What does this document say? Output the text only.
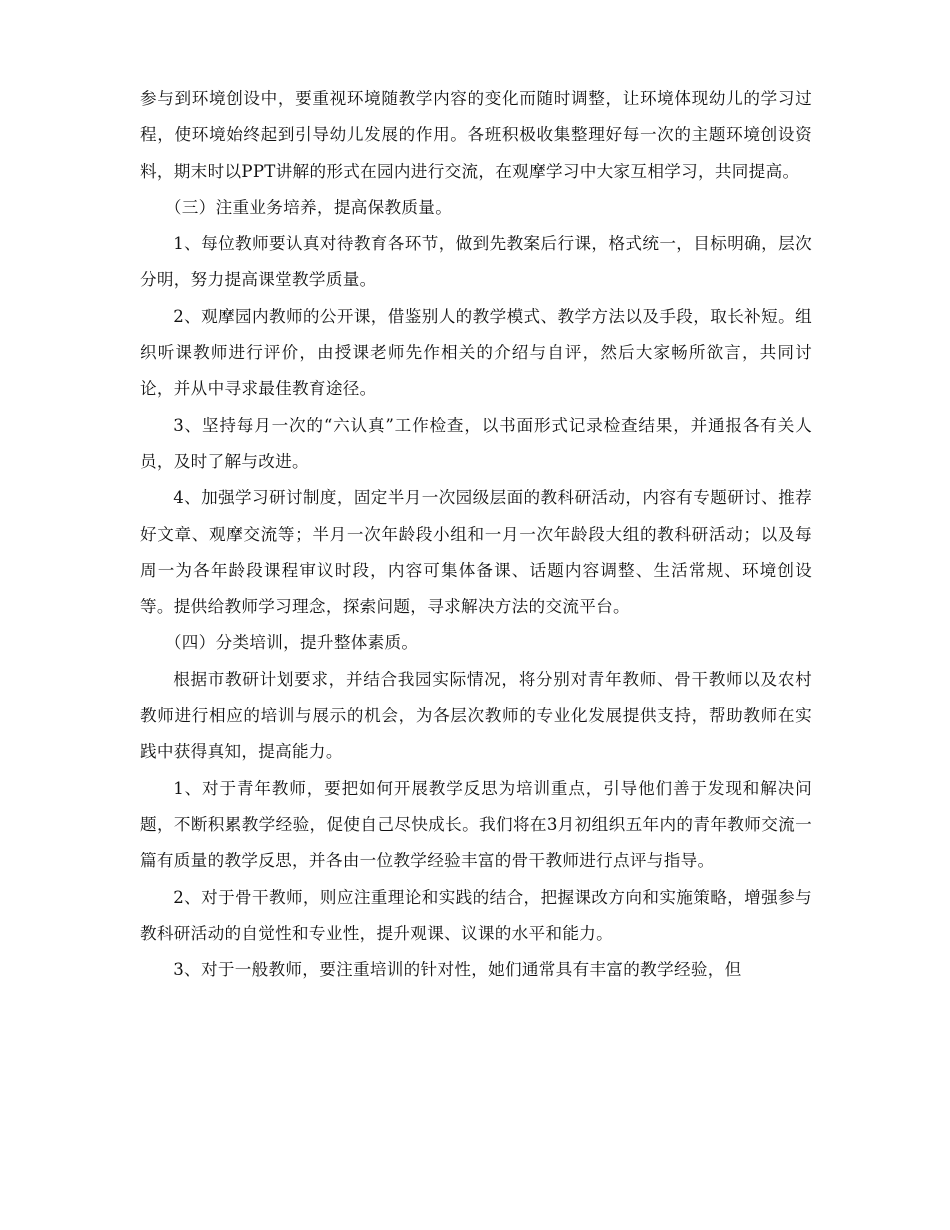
参与到环境创设中，要重视环境随教学内容的变化而随时调整，让环境体现幼儿的学习过程，使环境始终起到引导幼儿发展的作用。各班积极收集整理好每一次的主题环境创设资料，期末时以PPT讲解的形式在园内进行交流，在观摩学习中大家互相学习，共同提高。

（三）注重业务培养，提高保教质量。

1、每位教师要认真对待教育各环节，做到先教案后行课，格式统一，目标明确，层次分明，努力提高课堂教学质量。

2、观摩园内教师的公开课，借鉴别人的教学模式、教学方法以及手段，取长补短。组织听课教师进行评价，由授课老师先作相关的介绍与自评，然后大家畅所欲言，共同讨论，并从中寻求最佳教育途径。

3、坚持每月一次的“六认真”工作检查，以书面形式记录检查结果，并通报各有关人员，及时了解与改进。

4、加强学习研讨制度，固定半月一次园级层面的教科研活动，内容有专题研讨、推荐好文章、观摩交流等；半月一次年龄段小组和一月一次年龄段大组的教科研活动；以及每周一为各年龄段课程审议时段，内容可集体备课、话题内容调整、生活常规、环境创设等。提供给教师学习理念，探索问题，寻求解决方法的交流平台。

（四）分类培训，提升整体素质。

根据市教研计划要求，并结合我园实际情况，将分别对青年教师、骨干教师以及农村教师进行相应的培训与展示的机会，为各层次教师的专业化发展提供支持，帮助教师在实践中获得真知，提高能力。

1、对于青年教师，要把如何开展教学反思为培训重点，引导他们善于发现和解决问题，不断积累教学经验，促使自己尽快成长。我们将在3月初组织五年内的青年教师交流一篇有质量的教学反思，并各由一位教学经验丰富的骨干教师进行点评与指导。

2、对于骨干教师，则应注重理论和实践的结合，把握课改方向和实施策略，增强参与教科研活动的自觉性和专业性，提升观课、议课的水平和能力。

3、对于一般教师，要注重培训的针对性，她们通常具有丰富的教学经验，但
